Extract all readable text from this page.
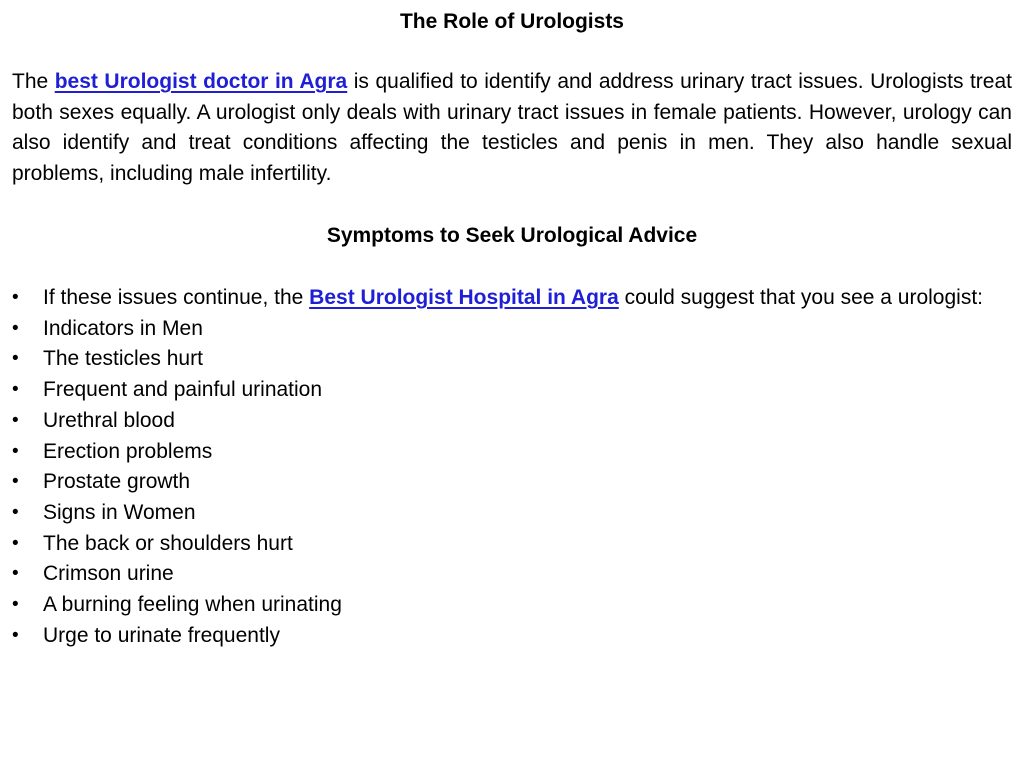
The Role of Urologists

The best Urologist doctor in Agra is qualified to identify and address urinary tract issues. Urologists treat both sexes equally. A urologist only deals with urinary tract issues in female patients. However, urology can also identify and treat conditions affecting the testicles and penis in men. They also handle sexual problems, including male infertility.

Symptoms to Seek Urological Advice
•	If these issues continue, the Best Urologist Hospital in Agra could suggest that you see a urologist:
•	Indicators in Men
•	The testicles hurt
•	Frequent and painful urination
•	Urethral blood
•	Erection problems
•	Prostate growth
•	Signs in Women
•	The back or shoulders hurt
•	Crimson urine
•	A burning feeling when urinating
•	Urge to urinate frequently
